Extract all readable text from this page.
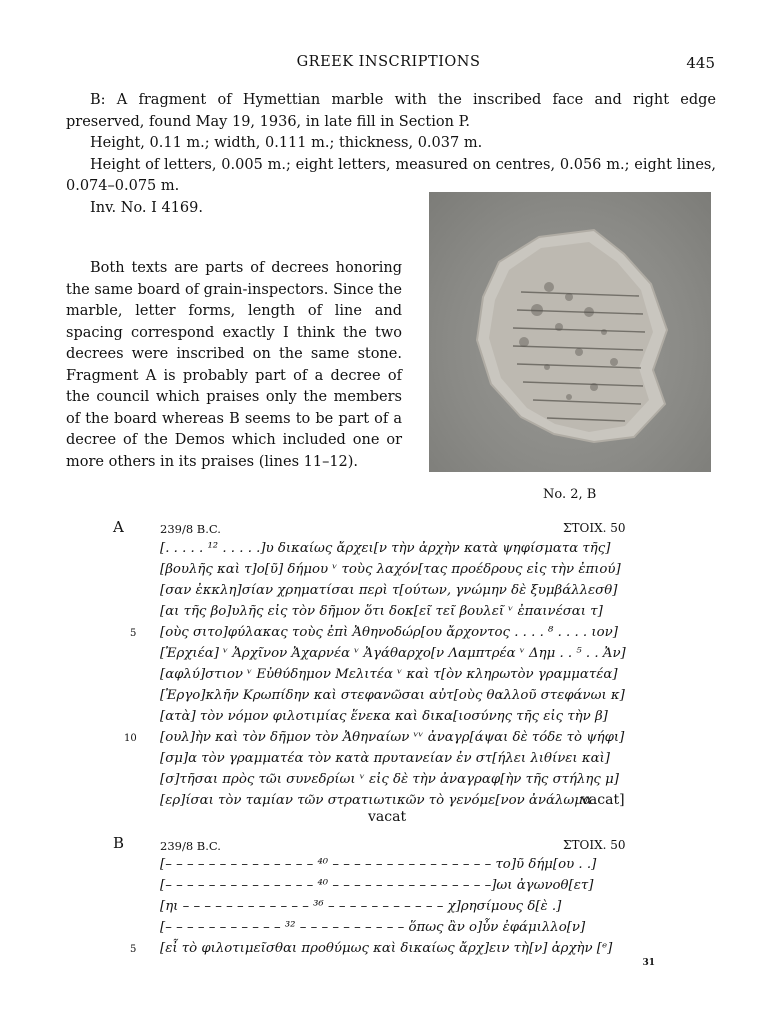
GREEK INSCRIPTIONS	445

B: A fragment of Hymettian marble with the inscribed face and right edge preserved, found May 19, 1936, in late fill in Section P.

Height, 0.11 m.; width, 0.111 m.; thickness, 0.037 m.

Height of letters, 0.005 m.; eight letters, measured on centres, 0.056 m.; eight lines, 0.074–0.075 m.

Inv. No. I 4169.

Both texts are parts of decrees honoring the same board of grain-inspectors. Since the marble, letter forms, length of line and spacing correspond exactly I think the two decrees were inscribed on the same stone. Fragment A is probably part of a decree of the council which praises only the members of the board whereas B seems to be part of a decree of the Demos which included one or more others in its praises (lines 11–12).

No. 2, B
A	239/8 B.C.	ΣΤΟΙΧ. 50
[. . . . . ¹² . . . . .]υ δικαίως ἄρχει[ν τὴν ἀρχὴν κατὰ ψηφίσματα τῆς]
[βουλῆς καὶ τ]ο[ῦ] δήμου ᵛ τοὺς λαχόν[τας προέδρους εἰς τὴν ἐπιού]
[σαν ἐκκλη]σίαν χρηματίσαι περὶ τ[ούτων, γνώμην δὲ ξυμβάλλεσθ]
[αι τῆς βο]υλῆς εἰς τὸν δῆμον ὅτι δοκ[εῖ τεῖ βουλεῖ ᵛ ἐπαινέσαι τ]
5 [οὺς σιτο]φύλακας τοὺς ἐπὶ Ἀθηνοδώρ[ου ἄρχοντος . . . . ⁸ . . . . ιον]
[Ἐρχιέα] ᵛ Ἀρχῖνον Ἀχαρνέα ᵛ Ἀγάθαρχο[ν Λαμπτρέα ᵛ Δημ . . ⁵ . . Ἀν]
[αφλύ]στιον ᵛ Εὐθύδημον Μελιτέα ᵛ καὶ τ[ὸν κληρωτὸν γραμματέα]
[Ἐργο]κλῆν Κρωπίδην καὶ στεφανῶσαι αὐτ[οὺς θαλλοῦ στεφάνωι κ]
[ατὰ] τὸν νόμον φιλοτιμίας ἕνεκα καὶ δικα[ιοσύνης τῆς εἰς τὴν β]
10 [ουλ]ὴν καὶ τὸν δῆμον τὸν Ἀθηναίων ᵛᵛ ἀναγρ[άψαι δὲ τόδε τὸ ψήφι]
[σμ]α τὸν γραμματέα τὸν κατὰ πρυτανείαν ἐν στ[ήλει λιθίνει καὶ]
[σ]τῆσαι πρὸς τῶι συνεδρίωι ᵛ εἰς δὲ τὴν ἀναγραφ[ὴν τῆς στήλης μ]
[ερ]ίσαι τὸν ταμίαν τῶν στρατιωτικῶν τὸ γενόμε[νον ἀνάλωμα
vacat]
vacat
B	239/8 B.C.	ΣΤΟΙΧ. 50
[– – – – – – – – – – – – – – ⁴⁰ – – – – – – – – – – – – – – – τo]ῦ δήμ[ου . .]
[– – – – – – – – – – – – – – ⁴⁰ – – – – – – – – – – – – – – –]ωι ἀγωνοθ[ετ]
[ηι – – – – – – – – – – – – ³⁶ – – – – – – – – – – – χ]ρησίμους δ[ὲ .]
[– – – – – – – – – – – ³² – – – – – – – – – – ὅπως ἂν ο]ὖν ἐφάμιλλο[ν]
5 [εἶ τὸ φιλοτιμεῖσθαι προθύμως καὶ δικαίως ἄρχ]ειν τὴ[ν] ἀρχὴν [ᵉ]
31
